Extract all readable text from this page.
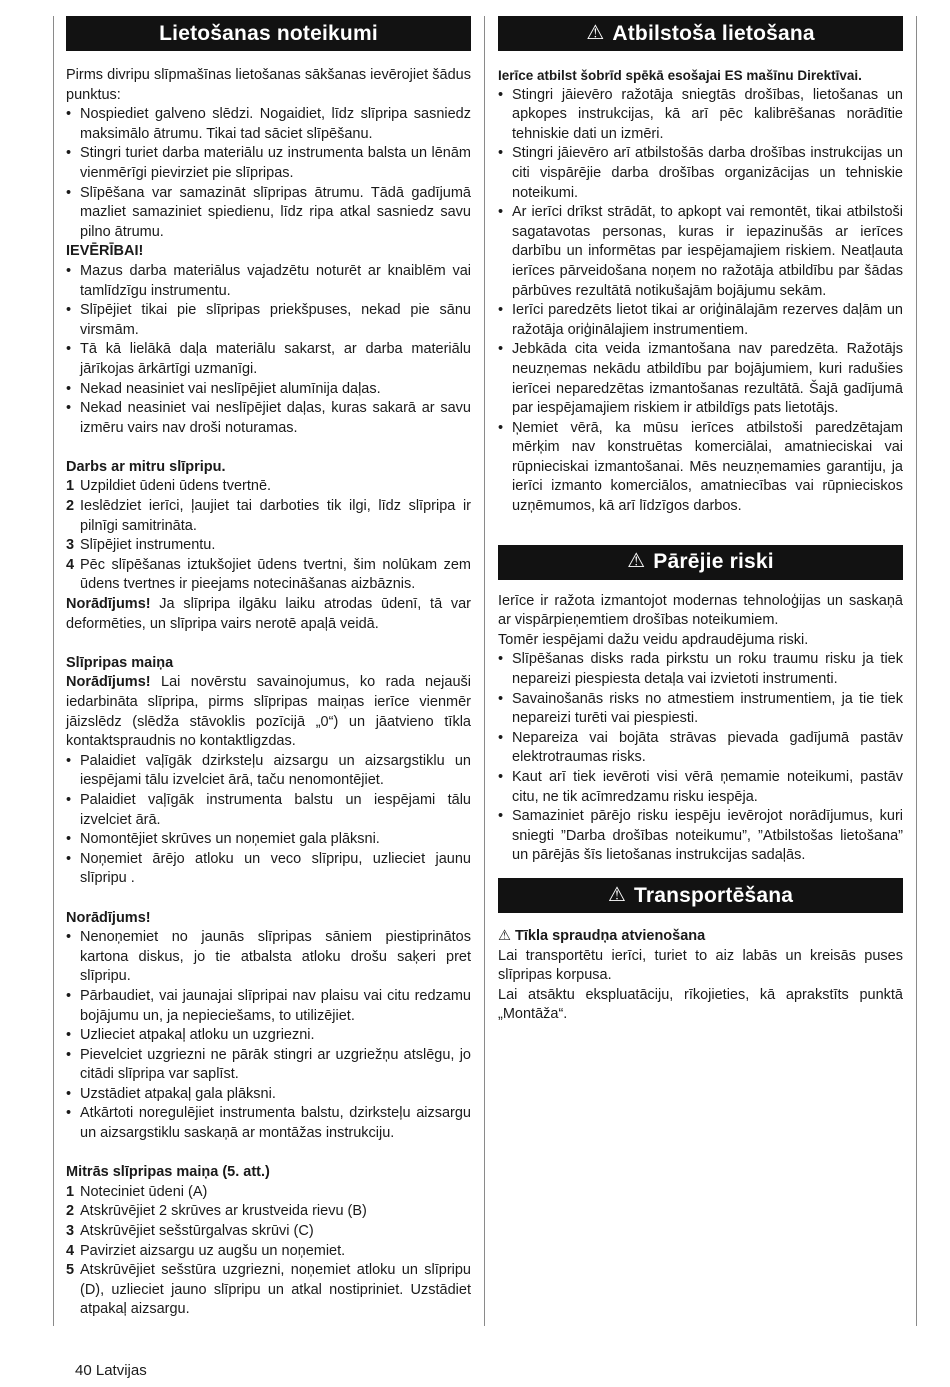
Lietošanas noteikumi

Pirms divripu slīpmašīnas lietošanas sākšanas ievērojiet šādus punktus:

• Nospiediet galveno slēdzi. Nogaidiet, līdz slīpripa sasniedz maksimālo ātrumu. Tikai tad sāciet slīpēšanu.
• Stingri turiet darba materiālu uz instrumenta balsta un lēnām vienmērīgi pievirziet pie slīpripas.
• Slīpēšana var samazināt slīpripas ātrumu. Tādā gadījumā mazliet samaziniet spiedienu, līdz ripa atkal sasniedz savu pilno ātrumu.

IEVĒRĪBAI!

• Mazus darba materiālus vajadzētu noturēt ar knaiblēm vai tamlīdzīgu instrumentu.
• Slīpējiet tikai pie slīpripas priekšpuses, nekad pie sānu virsmām.
• Tā kā lielākā daļa materiālu sakarst, ar darba materiālu jārīkojas ārkārtīgi uzmanīgi.
• Nekad neasiniet vai neslīpējiet alumīnija daļas.
• Nekad neasiniet vai neslīpējiet daļas, kuras sakarā ar savu izmēru vairs nav droši noturamas.

Darbs ar mitru slīpripu.

1 Uzpildiet ūdeni ūdens tvertnē.
2 Ieslēdziet ierīci, ļaujiet tai darboties tik ilgi, līdz slīpripa ir pilnīgi samitrināta.
3 Slīpējiet instrumentu.
4 Pēc slīpēšanas iztukšojiet ūdens tvertni, šim nolūkam zem ūdens tvertnes ir pieejams notecināšanas aizbāznis.

Norādījums! Ja slīpripa ilgāku laiku atrodas ūdenī, tā var deformēties, un slīpripa vairs nerotē apaļā veidā.

Slīpripas maiņa

Norādījums! Lai novērstu savainojumus, ko rada nejauši iedarbināta slīpripa, pirms slīpripas maiņas ierīce vienmēr jāizslēdz (slēdža stāvoklis pozīcijā „0“) un jāatvieno tīkla kontaktspraudnis no kontaktligzdas.

• Palaidiet vaļīgāk dzirksteļu aizsargu un aizsargstiklu un iespējami tālu izvelciet ārā, taču nenomontējiet.
• Palaidiet vaļīgāk instrumenta balstu un iespējami tālu izvelciet ārā.
• Nomontējiet skrūves un noņemiet gala plāksni.
• Noņemiet ārējo atloku un veco slīpripu, uzlieciet jaunu slīpripu .

Norādījums!

• Nenoņemiet no jaunās slīpripas sāniem piestiprinātos kartona diskus, jo tie atbalsta atloku drošu saķeri pret slīpripu.
• Pārbaudiet, vai jaunajai slīpripai nav plaisu vai citu redzamu bojājumu un, ja nepieciešams, to utilizējiet.
• Uzlieciet atpakaļ atloku un uzgriezni.
• Pievelciet uzgriezni ne pārāk stingri ar uzgriežņu atslēgu, jo citādi slīpripa var saplīst.
• Uzstādiet atpakaļ gala plāksni.
• Atkārtoti noregulējiet instrumenta balstu, dzirksteļu aizsargu un aizsargstiklu saskaņā ar montāžas instrukciju.

Mitrās slīpripas maiņa (5. att.)

1 Noteciniet ūdeni (A)
2 Atskrūvējiet 2 skrūves ar krustveida rievu (B)
3 Atskrūvējiet sešstūrgalvas skrūvi (C)
4 Pavirziet aizsargu uz augšu un noņemiet.
5 Atskrūvējiet sešstūra uzgriezni, noņemiet atloku un slīpripu (D), uzlieciet jauno slīpripu un atkal nostipriniet. Uzstādiet atpakaļ aizsargu.
⚠ Atbilstoša lietošana

Ierīce atbilst šobrīd spēkā esošajai ES mašīnu Direktīvai.

• Stingri jāievēro ražotāja sniegtās drošības, lietošanas un apkopes instrukcijas, kā arī pēc kalibrēšanas norādītie tehniskie dati un izmēri.
• Stingri jāievēro arī atbilstošās darba drošības instrukcijas un citi vispārējie darba drošības organizācijas un tehniskie noteikumi.
• Ar ierīci drīkst strādāt, to apkopt vai remontēt, tikai atbilstoši sagatavotas personas, kuras ir iepazinušās ar ierīces darbību un informētas par iespējamajiem riskiem. Neatļauta ierīces pārveidošana noņem no ražotāja atbildību par šādas pārbūves rezultātā notikušajām bojājumu sekām.
• Ierīci paredzēts lietot tikai ar oriģinālajām rezerves daļām un ražotāja oriģinālajiem instrumentiem.
• Jebkāda cita veida izmantošana nav paredzēta. Ražotājs neuzņemas nekādu atbildību par bojājumiem, kuri radušies ierīcei neparedzētas izmantošanas rezultātā. Šajā gadījumā par iespējamajiem riskiem ir atbildīgs pats lietotājs.
• Ņemiet vērā, ka mūsu ierīces atbilstoši paredzētajam mērķim nav konstruētas komerciālai, amatnieciskai vai rūpnieciskai izmantošanai. Mēs neuzņemamies garantiju, ja ierīci izmanto komerciālos, amatniecības vai rūpnieciskos uzņēmumos, kā arī līdzīgos darbos.
⚠ Pārējie riski

Ierīce ir ražota izmantojot modernas tehnoloģijas un saskaņā ar vispārpieņemtiem drošības noteikumiem.

Tomēr iespējami dažu veidu apdraudējuma riski.

• Slīpēšanas disks rada pirkstu un roku traumu risku ja tiek nepareizi piespiesta detaļa vai izvietoti instrumenti.
• Savainošanās risks no atmestiem instrumentiem, ja tie tiek nepareizi turēti vai piespiesti.
• Nepareiza vai bojāta strāvas pievada gadījumā pastāv elektrotraumas risks.
• Kaut arī tiek ievēroti visi vērā ņemamie noteikumi, pastāv citu, ne tik acīmredzamu risku iespēja.
• Samaziniet pārējo risku iespēju ievērojot norādījumus, kuri sniegti ”Darba drošības noteikumu”, ”Atbilstošas lietošana” un pārējās šīs lietošanas instrukcijas sadaļās.
⚠ Transportēšana

⚠ Tīkla spraudņa atvienošana

Lai transportētu ierīci, turiet to aiz labās un kreisās puses slīpripas korpusa.

Lai atsāktu ekspluatāciju, rīkojieties, kā aprakstīts punktā „Montāža“.

40 Latvijas
